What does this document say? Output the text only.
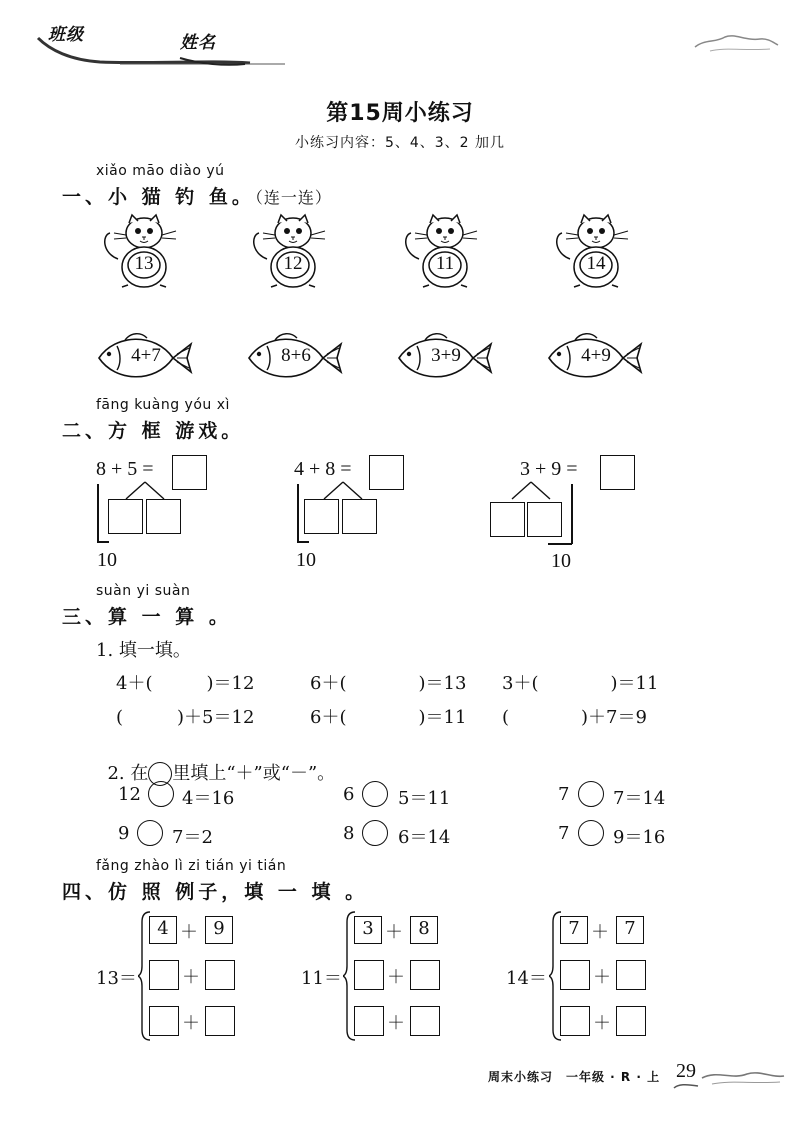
班级	姓名
第15周小练习
小练习内容：5、4、3、2 加几
xiǎo māo diào yú
一、小 猫 钓 鱼。（连一连）
13	12	11	14
4+7	8+6	3+9	4+9
fāng kuàng yóu xì
二、方 框 游戏。
8 + 5 =
10
4 + 8 =
10
3 + 9 =
10
suàn yi suàn
三、算 一 算 。
1. 填一填。
4＋(　　　)＝12	6＋(　　　　)＝13 3＋(　　　　)＝11
(　　　)＋5＝12	6＋(　　　　)＝11 (　　　　)＋7＝9

2. 在 里填上“＋”或“－”。

12 4＝16	6 5＝11	7 7＝14
9 7＝2	8 6＝14	7 9＝16
fǎng zhào lì zi tián yi tián
四、仿 照 例子，填 一 填 。
13＝
4 ＋ 9
＋
＋
11＝
3 ＋ 8
＋
＋
14＝
7 ＋ 7
＋
＋
周末小练习　一年级 · R · 上 29
